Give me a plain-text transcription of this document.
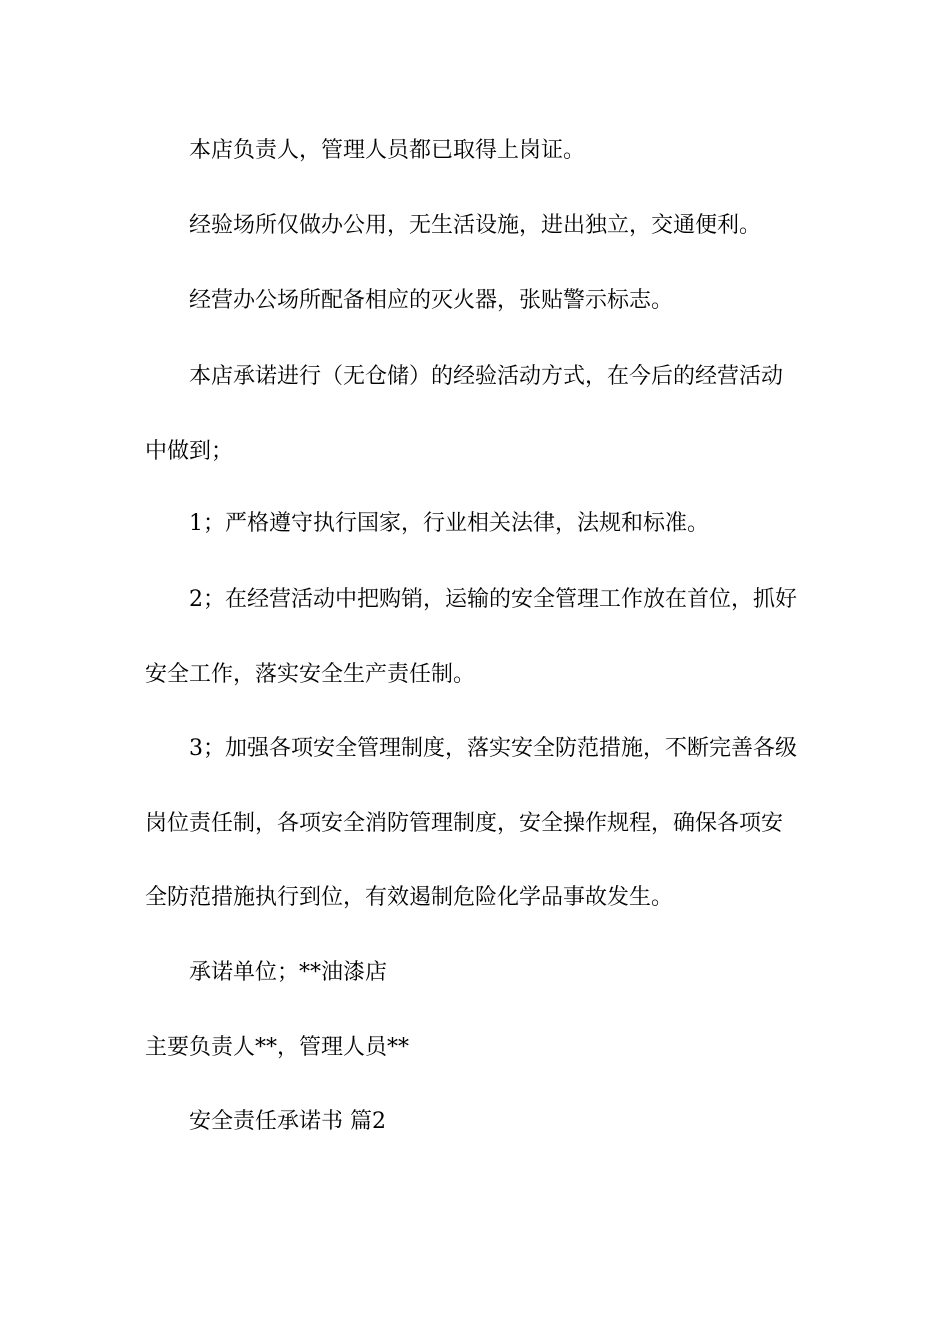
本店负责人，管理人员都已取得上岗证。
经验场所仅做办公用，无生活设施，进出独立，交通便利。
经营办公场所配备相应的灭火器，张贴警示标志。
本店承诺进行（无仓储）的经验活动方式，在今后的经营活动
中做到；
1；严格遵守执行国家，行业相关法律，法规和标准。
2；在经营活动中把购销，运输的安全管理工作放在首位，抓好
安全工作，落实安全生产责任制。
3；加强各项安全管理制度，落实安全防范措施，不断完善各级
岗位责任制，各项安全消防管理制度，安全操作规程，确保各项安
全防范措施执行到位，有效遏制危险化学品事故发生。
承诺单位；**油漆店
主要负责人**，管理人员**
安全责任承诺书 篇2
